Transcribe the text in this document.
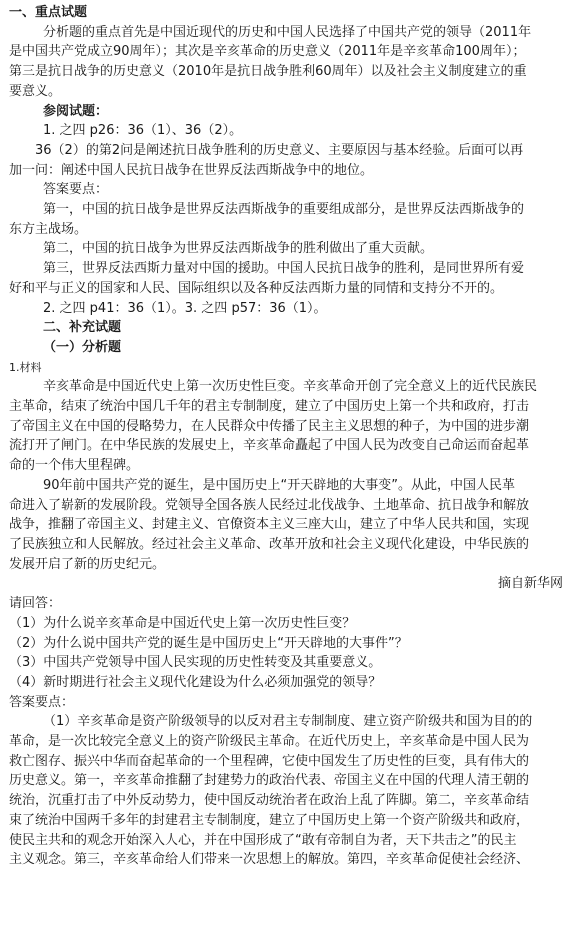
一、重点试题
分析题的重点首先是中国近现代的历史和中国人民选择了中国共产党的领导（2011年
是中国共产党成立90周年）；其次是辛亥革命的历史意义（2011年是辛亥革命100周年）；
第三是抗日战争的历史意义（2010年是抗日战争胜利60周年）以及社会主义制度建立的重
要意义。
参阅试题：
1. 之四 p26：36（1）、36（2）。
36（2）的第2问是阐述抗日战争胜利的历史意义、主要原因与基本经验。后面可以再
加一问：阐述中国人民抗日战争在世界反法西斯战争中的地位。
答案要点：
第一，中国的抗日战争是世界反法西斯战争的重要组成部分，是世界反法西斯战争的
东方主战场。
第二，中国的抗日战争为世界反法西斯战争的胜利做出了重大贡献。
第三，世界反法西斯力量对中国的援助。中国人民抗日战争的胜利，是同世界所有爱
好和平与正义的国家和人民、国际组织以及各种反法西斯力量的同情和支持分不开的。
2. 之四 p41：36（1）。3. 之四 p57：36（1）。
二、补充试题
（一）分析题
1.材料
辛亥革命是中国近代史上第一次历史性巨变。辛亥革命开创了完全意义上的近代民族民
主革命，结束了统治中国几千年的君主专制制度，建立了中国历史上第一个共和政府，打击
了帝国主义在中国的侵略势力，在人民群众中传播了民主主义思想的种子，为中国的进步潮
流打开了闸门。在中华民族的发展史上，辛亥革命矗起了中国人民为改变自己命运而奋起革
命的一个伟大里程碑。
90年前中国共产党的诞生，是中国历史上“开天辟地的大事变”。从此，中国人民革
命进入了崭新的发展阶段。党领导全国各族人民经过北伐战争、土地革命、抗日战争和解放
战争，推翻了帝国主义、封建主义、官僚资本主义三座大山，建立了中华人民共和国，实现
了民族独立和人民解放。经过社会主义革命、改革开放和社会主义现代化建设，中华民族的
发展开启了新的历史纪元。
摘自新华网
请回答：
（1）为什么说辛亥革命是中国近代史上第一次历史性巨变？
（2）为什么说中国共产党的诞生是中国历史上“开天辟地的大事件”？
（3）中国共产党领导中国人民实现的历史性转变及其重要意义。
（4）新时期进行社会主义现代化建设为什么必须加强党的领导？
答案要点：
（1）辛亥革命是资产阶级领导的以反对君主专制制度、建立资产阶级共和国为目的的
革命，是一次比较完全意义上的资产阶级民主革命。在近代历史上，辛亥革命是中国人民为
救亡图存、振兴中华而奋起革命的一个里程碑，它使中国发生了历史性的巨变，具有伟大的
历史意义。第一，辛亥革命推翻了封建势力的政治代表、帝国主义在中国的代理人清王朝的
统治，沉重打击了中外反动势力，使中国反动统治者在政治上乱了阵脚。第二，辛亥革命结
束了统治中国两千多年的封建君主专制制度，建立了中国历史上第一个资产阶级共和政府，
使民主共和的观念开始深入人心，并在中国形成了“敢有帝制自为者，天下共击之”的民主
主义观念。第三，辛亥革命给人们带来一次思想上的解放。第四，辛亥革命促使社会经济、
